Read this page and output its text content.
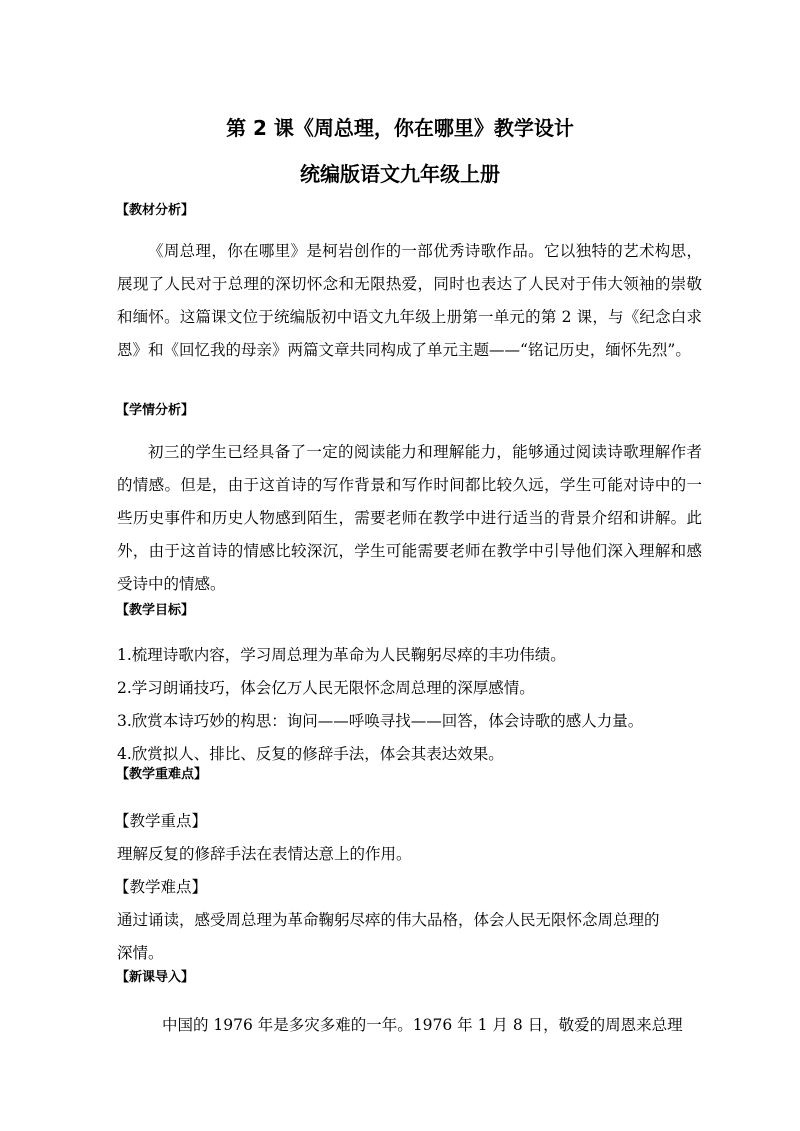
第 2 课《周总理，你在哪里》教学设计
统编版语文九年级上册
【教材分析】
《周总理，你在哪里》是柯岩创作的一部优秀诗歌作品。它以独特的艺术构思，展现了人民对于总理的深切怀念和无限热爱，同时也表达了人民对于伟大领袖的崇敬和缅怀。这篇课文位于统编版初中语文九年级上册第一单元的第 2 课，与《纪念白求恩》和《回忆我的母亲》两篇文章共同构成了单元主题——“铭记历史，缅怀先烈”。
【学情分析】
初三的学生已经具备了一定的阅读能力和理解能力，能够通过阅读诗歌理解作者的情感。但是，由于这首诗的写作背景和写作时间都比较久远，学生可能对诗中的一些历史事件和历史人物感到陌生，需要老师在教学中进行适当的背景介绍和讲解。此外，由于这首诗的情感比较深沉，学生可能需要老师在教学中引导他们深入理解和感受诗中的情感。
【教学目标】
1.梳理诗歌内容，学习周总理为革命为人民鞠躬尽瘁的丰功伟绩。
2.学习朗诵技巧，体会亿万人民无限怀念周总理的深厚感情。
3.欣赏本诗巧妙的构思：询问——呼唤寻找——回答，体会诗歌的感人力量。
4.欣赏拟人、排比、反复的修辞手法，体会其表达效果。
【教学重难点】
【教学重点】
理解反复的修辞手法在表情达意上的作用。
【教学难点】
通过诵读，感受周总理为革命鞠躬尽瘁的伟大品格，体会人民无限怀念周总理的
深情。
【新课导入】
中国的 1976 年是多灾多难的一年。1976 年 1 月 8 日，敬爱的周恩来总理
